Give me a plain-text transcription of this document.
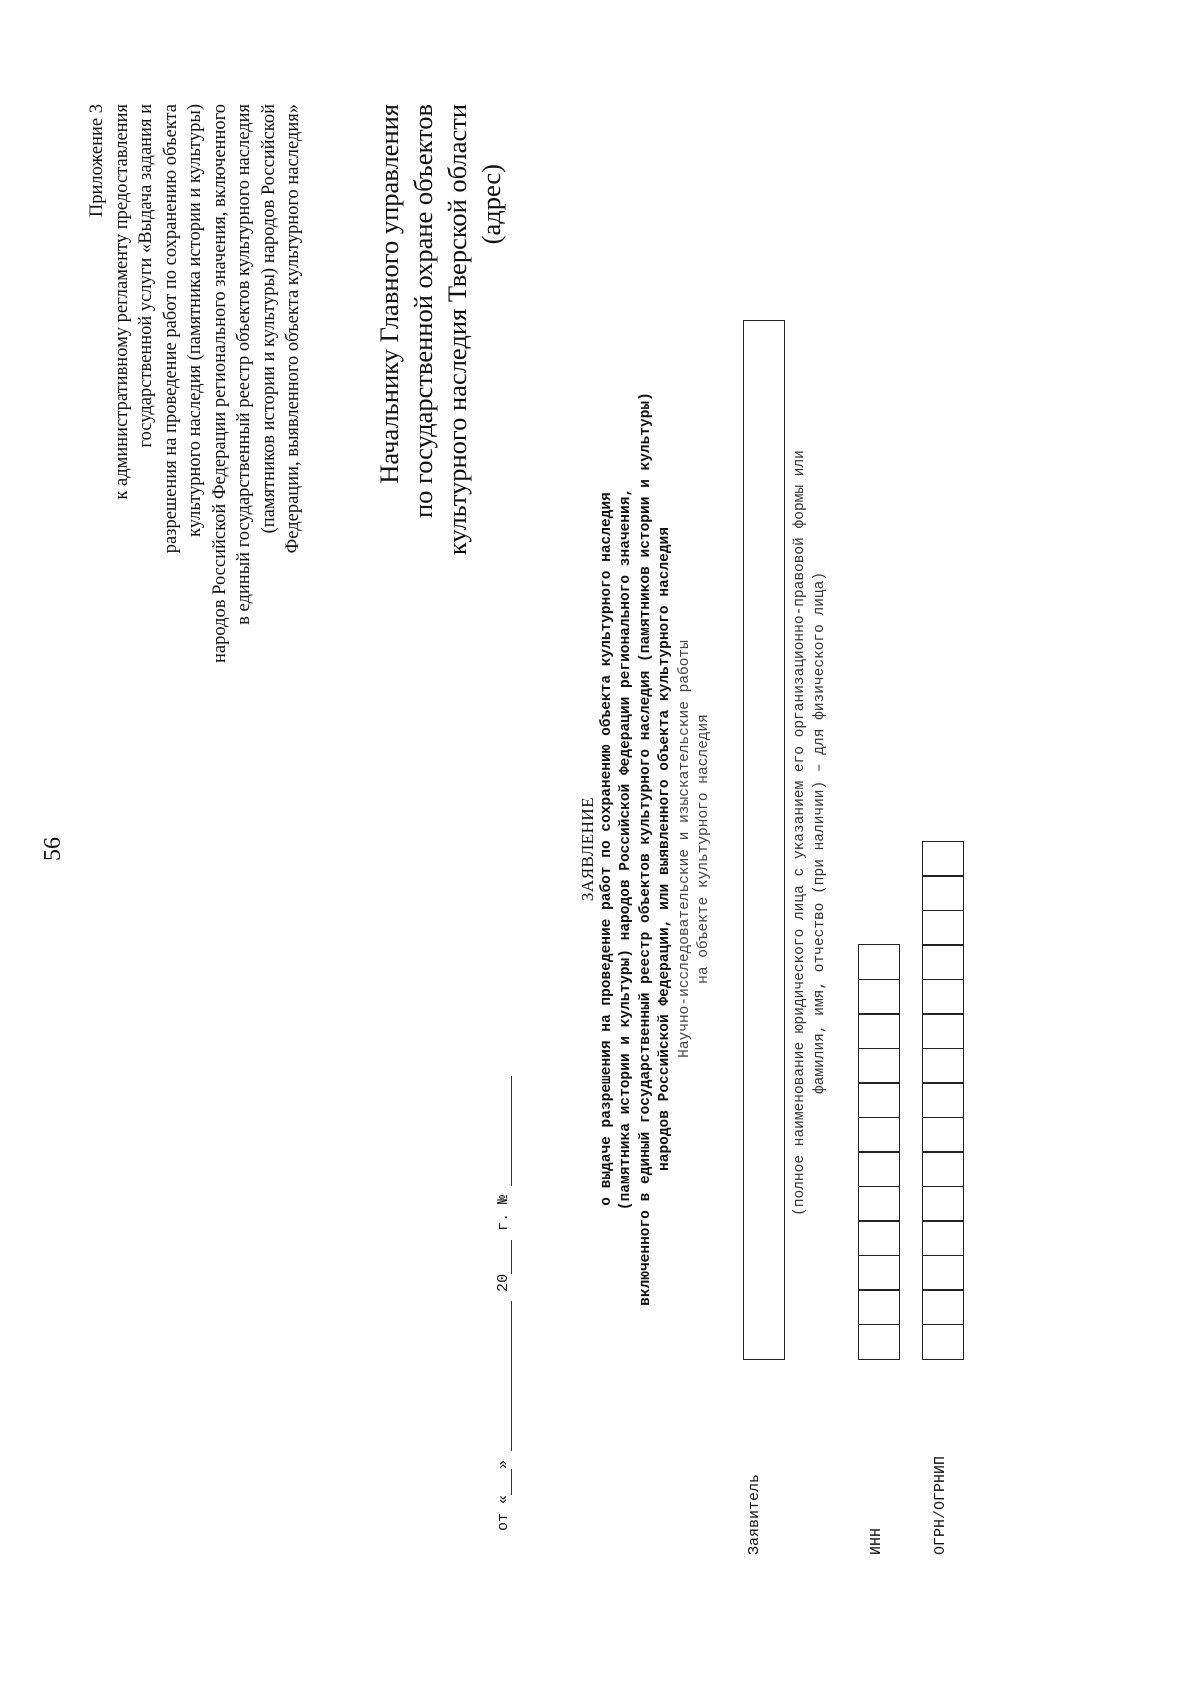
56
Приложение 3 к административному регламенту предоставления государственной услуги «Выдача задания и разрешения на проведение работ по сохранению объекта культурного наследия (памятника истории и культуры) народов Российской Федерации регионального значения, включенного в единый государственный реестр объектов культурного наследия (памятников истории и культуры) народов Российской Федерации, выявленного объекта культурного наследия»	Начальнику Главного управления по государственной охране объектов культурного наследия Тверской области (адрес)
от «»  20 г. №
ЗАЯВЛЕНИЕ о выдаче разрешения на проведение работ по сохранению объекта культурного наследия (памятника истории и культуры) народов Российской Федерации регионального значения, включенного в единый государственный реестр объектов культурного наследия (памятников истории и культуры) народов Российской Федерации, или выявленного объекта культурного наследия Научно-исследовательские и изыскательские работы на объекте культурного наследия
Заявитель
(полное наименование юридического лица с указанием его организационно-правовой формы или фамилия, имя, отчество (при наличии) – для физического лица)
ИНН	ОГРН/ОГРНИП
